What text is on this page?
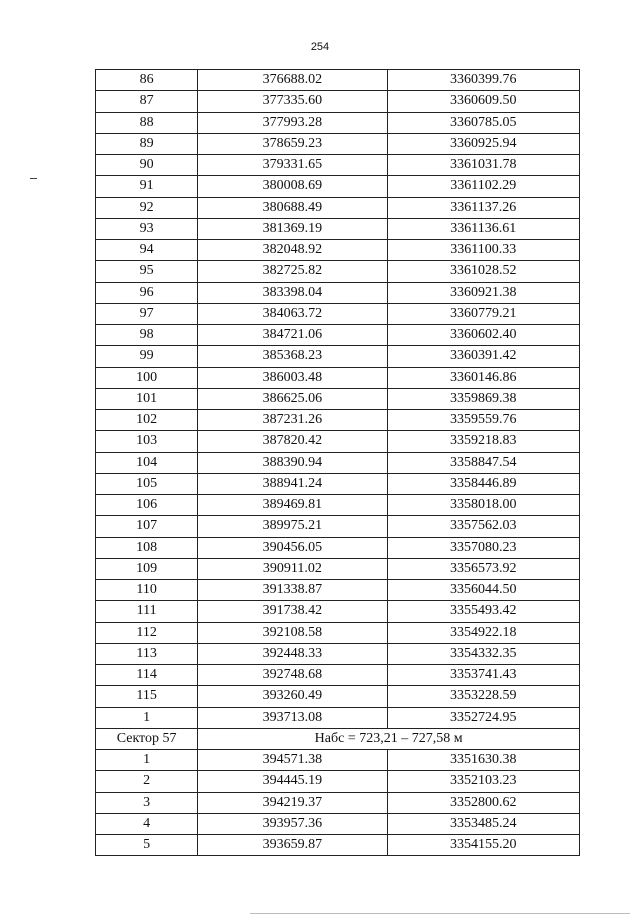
254
86	376688.02	3360399.76
87	377335.60	3360609.50
88	377993.28	3360785.05
89	378659.23	3360925.94
90	379331.65	3361031.78
91	380008.69	3361102.29
92	380688.49	3361137.26
93	381369.19	3361136.61
94	382048.92	3361100.33
95	382725.82	3361028.52
96	383398.04	3360921.38
97	384063.72	3360779.21
98	384721.06	3360602.40
99	385368.23	3360391.42
100	386003.48	3360146.86
101	386625.06	3359869.38
102	387231.26	3359559.76
103	387820.42	3359218.83
104	388390.94	3358847.54
105	388941.24	3358446.89
106	389469.81	3358018.00
107	389975.21	3357562.03
108	390456.05	3357080.23
109	390911.02	3356573.92
110	391338.87	3356044.50
111	391738.42	3355493.42
112	392108.58	3354922.18
113	392448.33	3354332.35
114	392748.68	3353741.43
115	393260.49	3353228.59
1	393713.08	3352724.95
Сектор 57	Набс = 723,21 – 727,58 м	
1	394571.38	3351630.38
2	394445.19	3352103.23
3	394219.37	3352800.62
4	393957.36	3353485.24
5	393659.87	3354155.20
